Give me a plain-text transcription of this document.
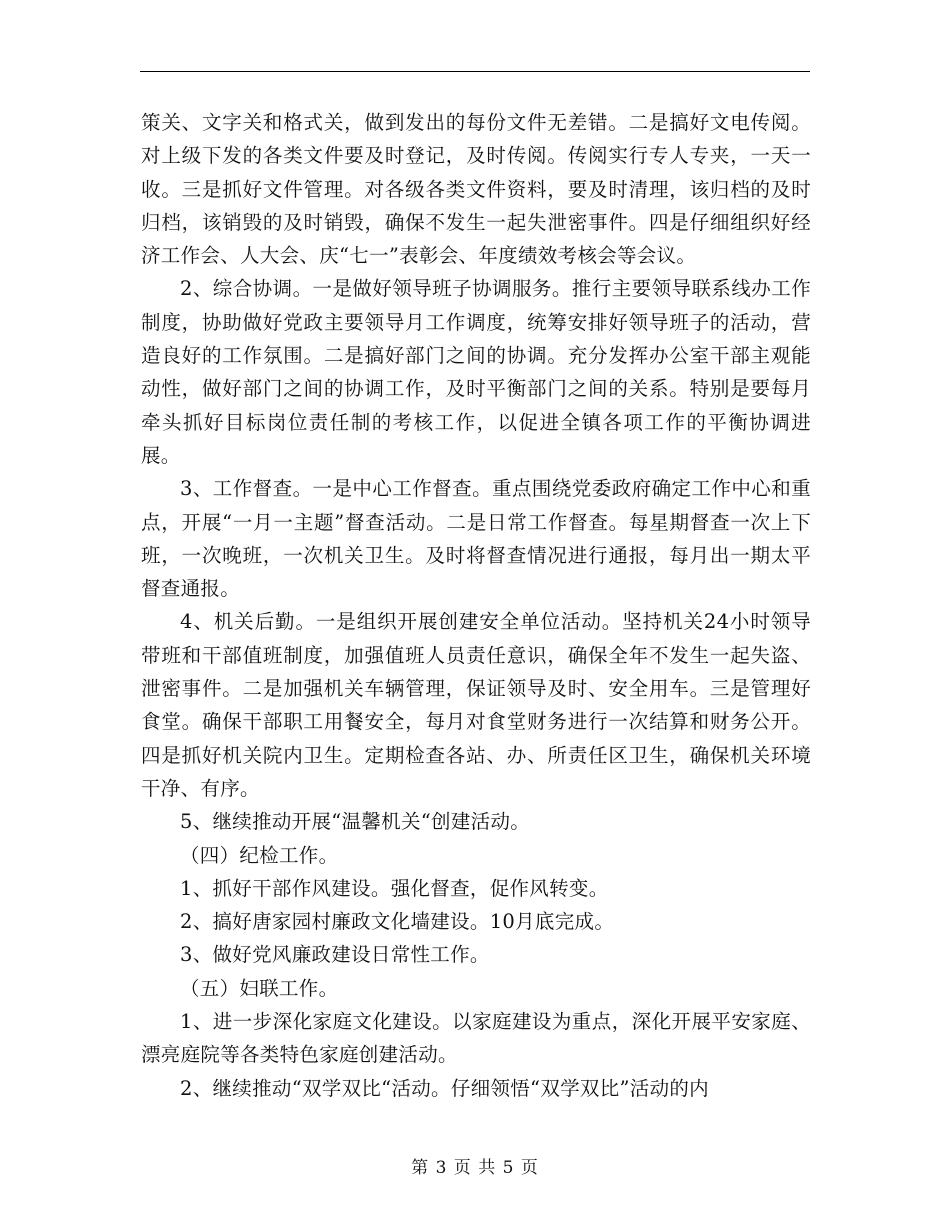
策关、文字关和格式关，做到发出的每份文件无差错。二是搞好文电传阅。对上级下发的各类文件要及时登记，及时传阅。传阅实行专人专夹，一天一收。三是抓好文件管理。对各级各类文件资料，要及时清理，该归档的及时归档，该销毁的及时销毁，确保不发生一起失泄密事件。四是仔细组织好经济工作会、人大会、庆“七一”表彰会、年度绩效考核会等会议。

2、综合协调。一是做好领导班子协调服务。推行主要领导联系线办工作制度，协助做好党政主要领导月工作调度，统筹安排好领导班子的活动，营造良好的工作氛围。二是搞好部门之间的协调。充分发挥办公室干部主观能动性，做好部门之间的协调工作，及时平衡部门之间的关系。特别是要每月牵头抓好目标岗位责任制的考核工作，以促进全镇各项工作的平衡协调进展。

3、工作督查。一是中心工作督查。重点围绕党委政府确定工作中心和重点，开展“一月一主题”督查活动。二是日常工作督查。每星期督查一次上下班，一次晚班，一次机关卫生。及时将督查情况进行通报，每月出一期太平督查通报。

4、机关后勤。一是组织开展创建安全单位活动。坚持机关24小时领导带班和干部值班制度，加强值班人员责任意识，确保全年不发生一起失盗、泄密事件。二是加强机关车辆管理，保证领导及时、安全用车。三是管理好食堂。确保干部职工用餐安全，每月对食堂财务进行一次结算和财务公开。四是抓好机关院内卫生。定期检查各站、办、所责任区卫生，确保机关环境干净、有序。

5、继续推动开展“温馨机关“创建活动。

（四）纪检工作。

1、抓好干部作风建设。强化督查，促作风转变。

2、搞好唐家园村廉政文化墙建设。10月底完成。

3、做好党风廉政建设日常性工作。

（五）妇联工作。

1、进一步深化家庭文化建设。以家庭建设为重点，深化开展平安家庭、漂亮庭院等各类特色家庭创建活动。

2、继续推动“双学双比“活动。仔细领悟“双学双比”活动的内

第 3 页 共 5 页
